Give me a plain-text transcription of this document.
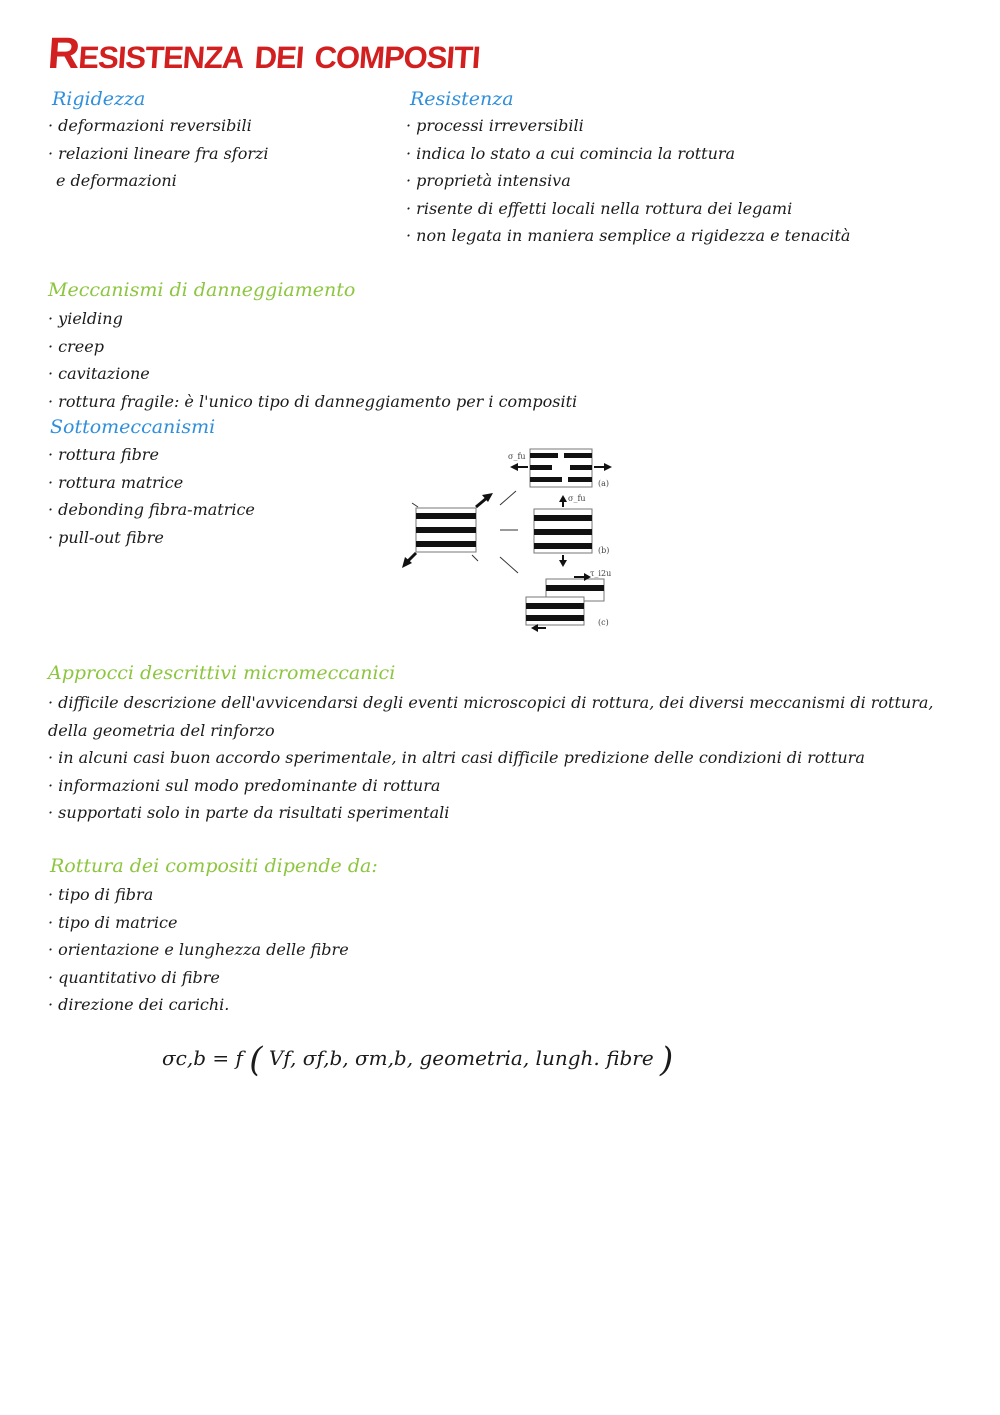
Resistenza dei compositi
Rigidezza
· deformazioni reversibili
· relazioni lineare fra sforzi
e deformazioni
Resistenza
· processi irreversibili
· indica lo stato a cui comincia la rottura
· proprietà intensiva
· risente di effetti locali nella rottura dei legami
· non legata in maniera semplice a rigidezza e tenacità
Meccanismi di danneggiamento
· yielding
· creep
· cavitazione
· rottura fragile: è l'unico tipo di danneggiamento per i compositi
Sottomeccanismi
· rottura fibre
· rottura matrice
· debonding fibra-matrice
· pull-out fibre
σ_fu
(a)
σ_fu
(b)
τ_i2u
(c)
Approcci descrittivi micromeccanici
· difficile descrizione dell'avvicendarsi degli eventi microscopici di rottura, dei diversi meccanismi di rottura,
della geometria del rinforzo
· in alcuni casi buon accordo sperimentale, in altri casi difficile predizione delle condizioni di rottura
· informazioni sul modo predominante di rottura
· supportati solo in parte da risultati sperimentali
Rottura dei compositi dipende da:
· tipo di fibra
· tipo di matrice
· orientazione e lunghezza delle fibre
· quantitativo di fibre
· direzione dei carichi.
σc,b = f ( Vf, σf,b, σm,b, geometria, lungh. fibre )
